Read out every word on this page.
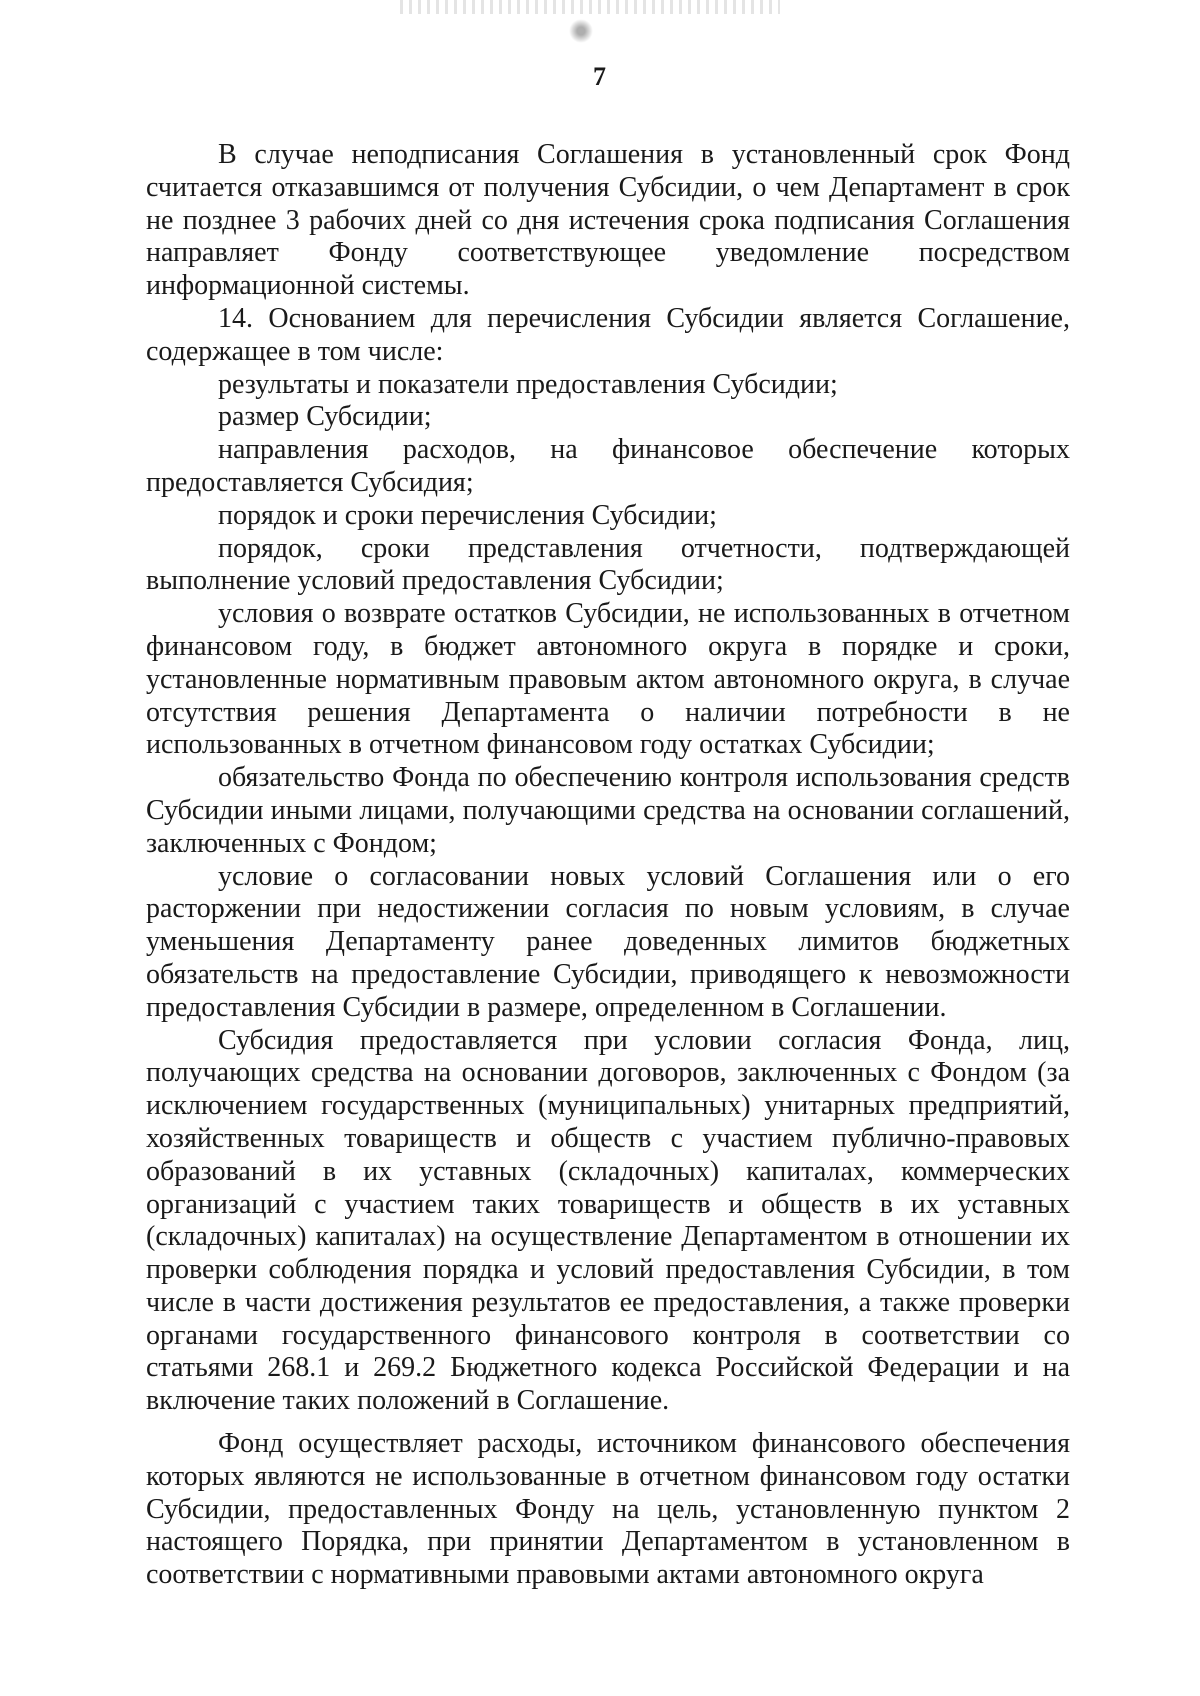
7

В случае неподписания Соглашения в установленный срок Фонд считается отказавшимся от получения Субсидии, о чем Департамент в срок не позднее 3 рабочих дней со дня истечения срока подписания Соглашения направляет Фонду соответствующее уведомление посредством информационной системы.

14. Основанием для перечисления Субсидии является Соглашение, содержащее в том числе:

результаты и показатели предоставления Субсидии;

размер Субсидии;

направления расходов, на финансовое обеспечение которых предоставляется Субсидия;

порядок и сроки перечисления Субсидии;

порядок, сроки представления отчетности, подтверждающей выполнение условий предоставления Субсидии;

условия о возврате остатков Субсидии, не использованных в отчетном финансовом году, в бюджет автономного округа в порядке и сроки, установленные нормативным правовым актом автономного округа, в случае отсутствия решения Департамента о наличии потребности в не использованных в отчетном финансовом году остатках Субсидии;

обязательство Фонда по обеспечению контроля использования средств Субсидии иными лицами, получающими средства на основании соглашений, заключенных с Фондом;

условие о согласовании новых условий Соглашения или о его расторжении при недостижении согласия по новым условиям, в случае уменьшения Департаменту ранее доведенных лимитов бюджетных обязательств на предоставление Субсидии, приводящего к невозможности предоставления Субсидии в размере, определенном в Соглашении.

Субсидия предоставляется при условии согласия Фонда, лиц, получающих средства на основании договоров, заключенных с Фондом (за исключением государственных (муниципальных) унитарных предприятий, хозяйственных товариществ и обществ с участием публично-правовых образований в их уставных (складочных) капиталах, коммерческих организаций с участием таких товариществ и обществ в их уставных (складочных) капиталах) на осуществление Департаментом в отношении их проверки соблюдения порядка и условий предоставления Субсидии, в том числе в части достижения результатов ее предоставления, а также проверки органами государственного финансового контроля в соответствии со статьями 268.1 и 269.2 Бюджетного кодекса Российской Федерации и на включение таких положений в Соглашение.

Фонд осуществляет расходы, источником финансового обеспечения которых являются не использованные в отчетном финансовом году остатки Субсидии, предоставленных Фонду на цель, установленную пунктом 2 настоящего Порядка, при принятии Департаментом в установленном в соответствии с нормативными правовыми актами автономного округа
